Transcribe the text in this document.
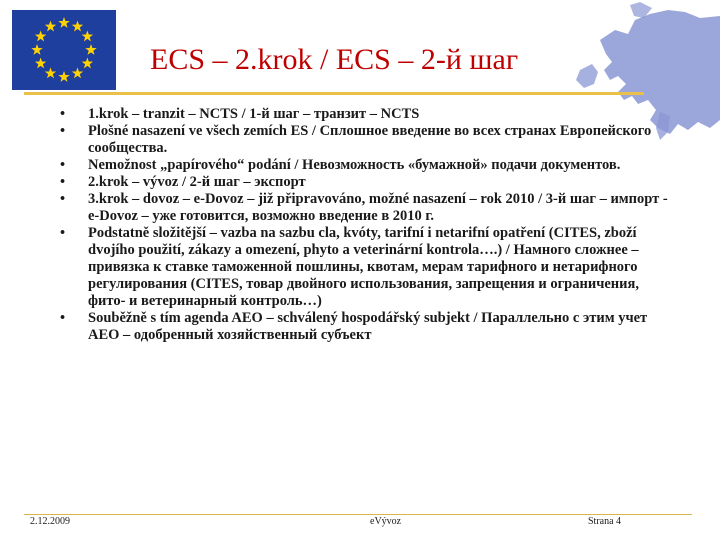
ECS – 2.krok / ECS – 2-й шаг
•	1.krok – tranzit – NCTS / 1-й шаг – транзит – NCTS
•	Plošné nasazení ve všech zemích ES / Сплошное введение во всех странах Европейского сообщества.
•	Nemožnost „papírového“ podání / Невозможность «бумажной» подачи документов.
•	2.krok – vývoz / 2-й шаг – экспорт
•	3.krok – dovoz – e-Dovoz – již připravováno, možné nasazení – rok 2010 / 3-й шаг – импорт - e-Dovoz – уже готовится, возможно введение в 2010 г.
•	Podstatně složitější – vazba na sazbu cla, kvóty, tarifní i netarifní opatření (CITES, zboží dvojího použití, zákazy a omezení, phyto a veterinární kontrola….) / Намного сложнее – привязка к ставке таможенной пошлины, квотам, мерам тарифного и нетарифного регулирования (CITES, товар двойного использования, запрещения и ограничения, фито- и ветеринарный контроль…)
•	Souběžně s tím agenda AEO – schválený hospodářský subjekt / Параллельно с этим учет АЕО – одобренный хозяйственный субъект
2.12.2009	eVývoz	Strana 4
